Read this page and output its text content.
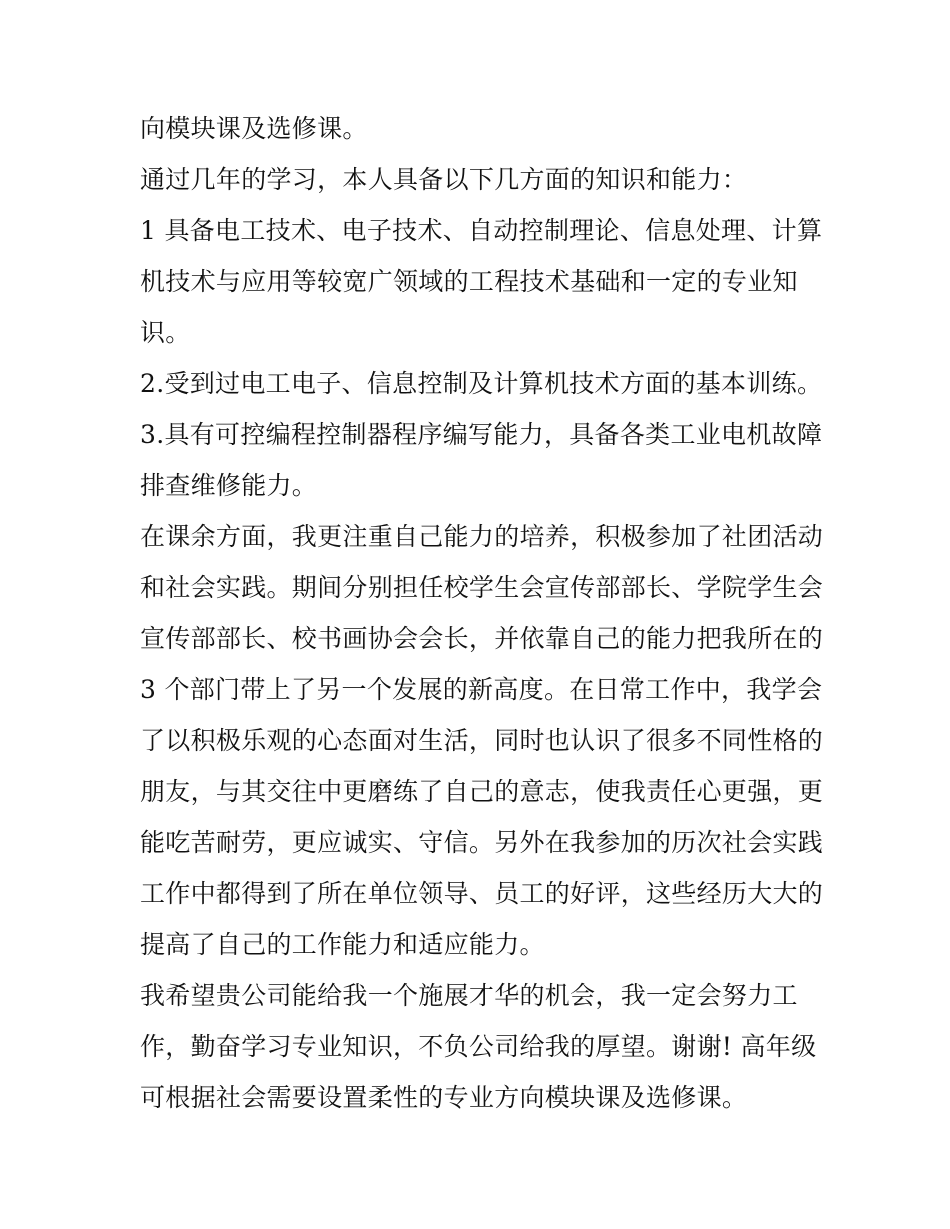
向模块课及选修课。
通过几年的学习，本人具备以下几方面的知识和能力：
1 具备电工技术、电子技术、自动控制理论、信息处理、计算
机技术与应用等较宽广领域的工程技术基础和一定的专业知
识。
2.受到过电工电子、信息控制及计算机技术方面的基本训练。
3.具有可控编程控制器程序编写能力，具备各类工业电机故障
排查维修能力。
在课余方面，我更注重自己能力的培养，积极参加了社团活动
和社会实践。期间分别担任校学生会宣传部部长、学院学生会
宣传部部长、校书画协会会长，并依靠自己的能力把我所在的
3 个部门带上了另一个发展的新高度。在日常工作中，我学会
了以积极乐观的心态面对生活，同时也认识了很多不同性格的
朋友，与其交往中更磨练了自己的意志，使我责任心更强，更
能吃苦耐劳，更应诚实、守信。另外在我参加的历次社会实践
工作中都得到了所在单位领导、员工的好评，这些经历大大的
提高了自己的工作能力和适应能力。
我希望贵公司能给我一个施展才华的机会，我一定会努力工
作，勤奋学习专业知识，不负公司给我的厚望。谢谢! 高年级
可根据社会需要设置柔性的专业方向模块课及选修课。
